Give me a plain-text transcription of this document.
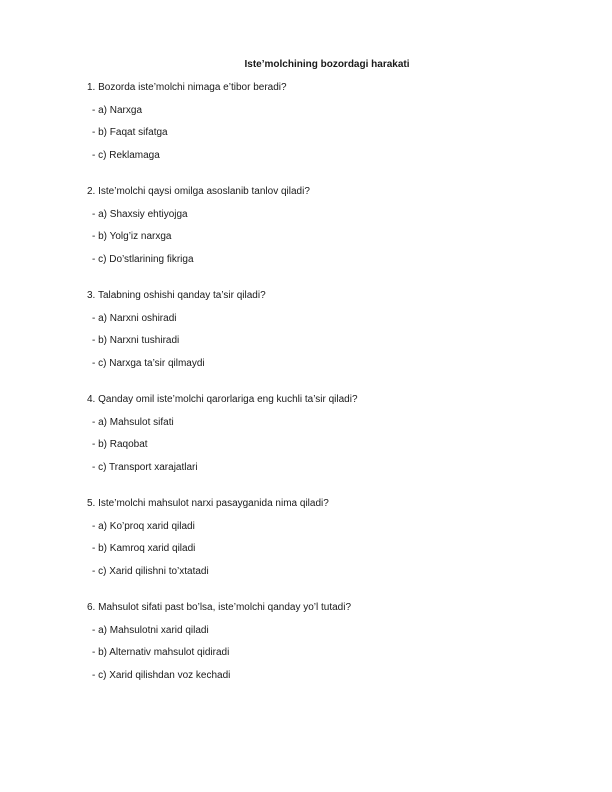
Iste’molchining bozordagi harakati
1. Bozorda iste’molchi nimaga e’tibor beradi?
- a) Narxga
- b) Faqat sifatga
- c) Reklamaga
2. Iste’molchi qaysi omilga asoslanib tanlov qiladi?
- a) Shaxsiy ehtiyojga
- b) Yolg’iz narxga
- c) Do’stlarining fikriga
3. Talabning oshishi qanday ta’sir qiladi?
- a) Narxni oshiradi
- b) Narxni tushiradi
- c) Narxga ta’sir qilmaydi
4. Qanday omil iste’molchi qarorlariga eng kuchli ta’sir qiladi?
- a) Mahsulot sifati
- b) Raqobat
- c) Transport xarajatlari
5. Iste’molchi mahsulot narxi pasayganida nima qiladi?
- a) Ko’proq xarid qiladi
- b) Kamroq xarid qiladi
- c) Xarid qilishni to’xtatadi
6. Mahsulot sifati past bo’lsa, iste’molchi qanday yo’l tutadi?
- a) Mahsulotni xarid qiladi
- b) Alternativ mahsulot qidiradi
- c) Xarid qilishdan voz kechadi
